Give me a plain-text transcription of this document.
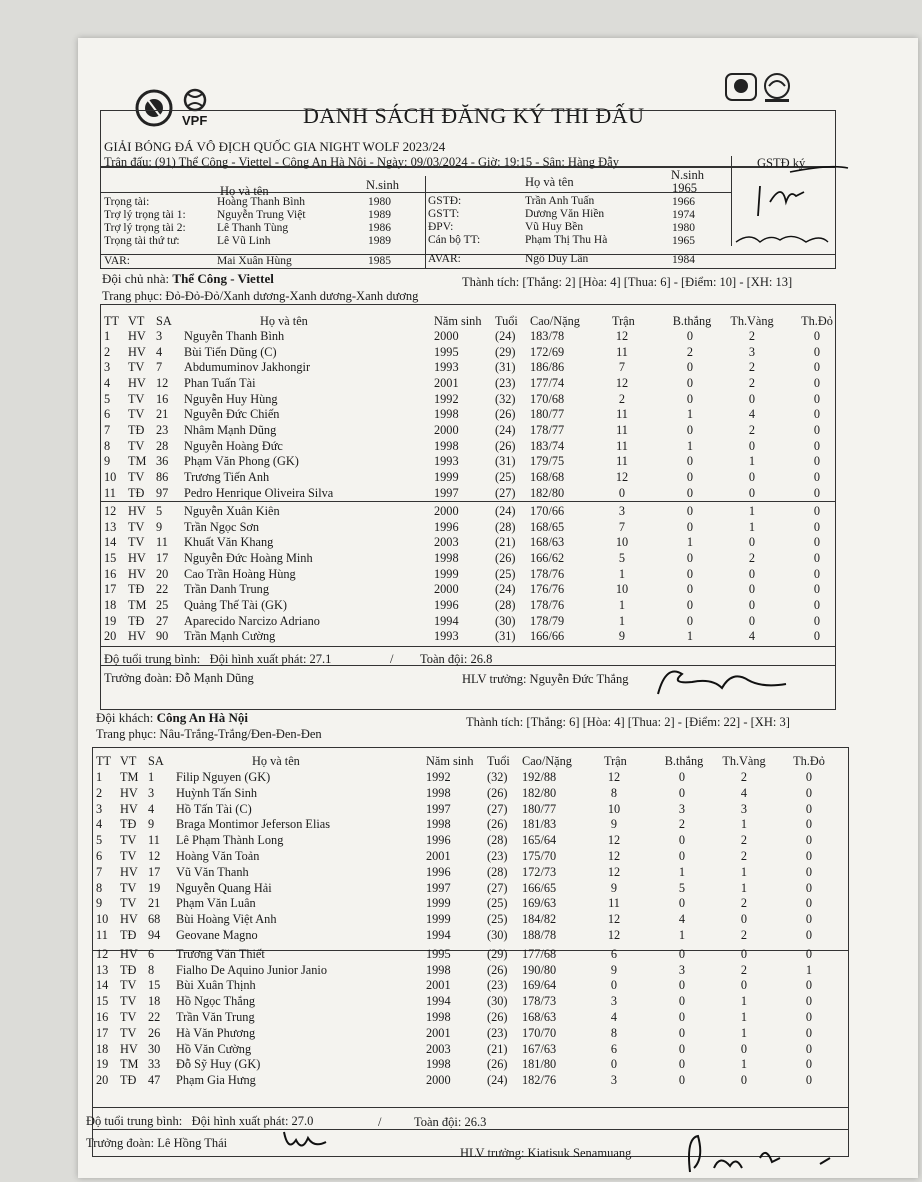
VPF	DANH SÁCH ĐĂNG KÝ THI ĐẤU
GIẢI BÓNG ĐÁ VÔ ĐỊCH QUỐC GIA NIGHT WOLF 2023/24
Trận đấu: (91) Thể Công - Viettel - Công An Hà Nội - Ngày: 09/03/2024 - Giờ: 19:15 - Sân: Hàng Đẫy	GSTĐ ký
Họ và tên	N.sinh	Họ và tên	N.sinh
1965
Trọng tài:	Hoàng Thanh Bình	1980
Trợ lý trọng tài 1:	Nguyễn Trung Việt	1989
Trợ lý trọng tài 2:	Lê Thanh Tùng	1986
Trọng tài thứ tư:	Lê Vũ Linh	1989
VAR:	Mai Xuân Hùng	1985
GSTĐ:	Trần Anh Tuấn	1966
GSTT:	Dương Văn Hiền	1974
ĐPV:	Vũ Huy Bền	1980
Cán bộ TT:	Phạm Thị Thu Hà	1965
AVAR:	Ngô Duy Lân	1984
Đội chủ nhà: Thể Công - Viettel	Thành tích: [Thắng: 2] [Hòa: 4] [Thua: 6] - [Điểm: 10] - [XH: 13]
Trang phục: Đỏ-Đỏ-Đỏ/Xanh dương-Xanh dương-Xanh dương
TT VT SA	Họ và tên	Năm sinh Tuổi Cao/Nặng	Trận	B.thắng	Th.Vàng	Th.Đỏ
1	HV 3	Nguyễn Thanh Bình	2000	(24) 183/78	12	0	2	0
2	HV 4	Bùi Tiến Dũng (C)	1995	(29) 172/69	11	2	3	0
3	TV 7	Abdumuminov Jakhongir	1993	(31) 186/86	7	0	2	0
4	HV 12	Phan Tuấn Tài	2001	(23) 177/74	12	0	2	0
5	TV 16	Nguyễn Huy Hùng	1992	(32) 170/68	2	0	0	0
6	TV 21	Nguyễn Đức Chiến	1998	(26) 180/77	11	1	4	0
7	TĐ 23	Nhâm Mạnh Dũng	2000	(24) 178/77	11	0	2	0
8	TV 28	Nguyễn Hoàng Đức	1998	(26) 183/74	11	1	0	0
9	TM 36	Phạm Văn Phong (GK)	1993	(31) 179/75	11	0	1	0
10 TV 86	Trương Tiến Anh	1999	(25) 168/68	12	0	0	0
11 TĐ 97	Pedro Henrique Oliveira Silva	1997	(27) 182/80	0	0	0	0
12 HV 5	Nguyễn Xuân Kiên	2000	(24) 170/66	3	0	1	0
13 TV 9	Trần Ngọc Sơn	1996	(28) 168/65	7	0	1	0
14 TV 11	Khuất Văn Khang	2003	(21) 168/63	10	1	0	0
15 HV 17	Nguyễn Đức Hoàng Minh	1998	(26) 166/62	5	0	2	0
16 HV 20	Cao Trần Hoàng Hùng	1999	(25) 178/76	1	0	0	0
17 TĐ 22	Trần Danh Trung	2000	(24) 176/76	10	0	0	0
18 TM 25	Quảng Thế Tài (GK)	1996	(28) 178/76	1	0	0	0
19 TĐ 27	Aparecido Narcizo Adriano	1994	(30) 178/79	1	0	0	0
20 HV 90	Trần Mạnh Cường	1993	(31) 166/66	9	1	4	0
Độ tuổi trung bình: Đội hình xuất phát: 27.1	/ Toàn đội: 26.8
Trưởng đoàn: Đỗ Mạnh Dũng	HLV trưởng: Nguyễn Đức Thắng
Đội khách: Công An Hà Nội	Thành tích: [Thắng: 6] [Hòa: 4] [Thua: 2] - [Điểm: 22] - [XH: 3]
Trang phục: Nâu-Trắng-Trắng/Đen-Đen-Đen
TT VT SA	Họ và tên	Năm sinh Tuổi Cao/Nặng	Trận	B.thắng	Th.Vàng	Th.Đỏ
1	TM 1	Filip Nguyen (GK)	1992	(32) 192/88	12	0	2	0
2	HV 3	Huỳnh Tấn Sinh	1998	(26) 182/80	8	0	4	0
3	HV 4	Hồ Tấn Tài (C)	1997	(27) 180/77	10	3	3	0
4	TĐ 9	Braga Montimor Jeferson Elias	1998	(26) 181/83	9	2	1	0
5	TV 11	Lê Phạm Thành Long	1996	(28) 165/64	12	0	2	0
6	TV 12	Hoàng Văn Toản	2001	(23) 175/70	12	0	2	0
7	HV 17	Vũ Văn Thanh	1996	(28) 172/73	12	1	1	0
8	TV 19	Nguyễn Quang Hải	1997	(27) 166/65	9	5	1	0
9	TV 21	Phạm Văn Luân	1999	(25) 169/63	11	0	2	0
10 HV 68	Bùi Hoàng Việt Anh	1999	(25) 184/82	12	4	0	0
11 TĐ 94	Geovane Magno	1994	(30) 188/78	12	1	2	0
12 HV 6	Trương Văn Thiết	1995	(29) 177/68	6	0	0	0
13 TĐ 8	Fialho De Aquino Junior Janio	1998	(26) 190/80	9	3	2	1
14 TV 15	Bùi Xuân Thịnh	2001	(23) 169/64	0	0	0	0
15 TV 18	Hồ Ngọc Thắng	1994	(30) 178/73	3	0	1	0
16 TV 22	Trần Văn Trung	1998	(26) 168/63	4	0	1	0
17 TV 26	Hà Văn Phương	2001	(23) 170/70	8	0	1	0
18 HV 30	Hồ Văn Cường	2003	(21) 167/63	6	0	0	0
19 TM 33	Đỗ Sỹ Huy (GK)	1998	(26) 181/80	0	0	1	0
20 TĐ 47	Phạm Gia Hưng	2000	(24) 182/76	3	0	0	0
Độ tuổi trung bình: Đội hình xuất phát: 27.0	/	Toàn đội: 26.3
Trưởng đoàn: Lê Hồng Thái
HLV trưởng: Kiatisuk Senamuang
